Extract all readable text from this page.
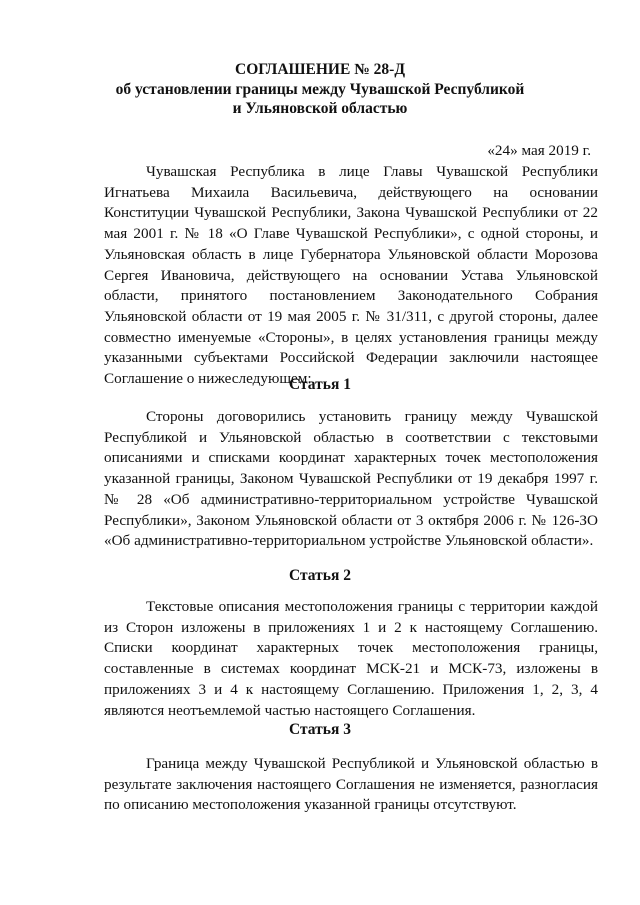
СОГЛАШЕНИЕ № 28-Д
об установлении границы между Чувашской Республикой
и Ульяновской областью
«24» мая 2019 г.

Чувашская Республика в лице Главы Чувашской Республики Игнатьева Михаила Васильевича, действующего на основании Конституции Чувашской Республики, Закона Чувашской Республики от 22 мая 2001 г. № 18 «О Главе Чувашской Республики», с одной стороны, и Ульяновская область в лице Губернатора Ульяновской области Морозова Сергея Ивановича, действующего на основании Устава Ульяновской области, принятого постановлением Законодательного Собрания Ульяновской области от 19 мая 2005 г. № 31/311, с другой стороны, далее совместно именуемые «Стороны», в целях установления границы между указанными субъектами Российской Федерации заключили настоящее Соглашение о нижеследующем:

Статья 1

Стороны договорились установить границу между Чувашской Республикой и Ульяновской областью в соответствии с текстовыми описаниями и списками координат характерных точек местоположения указанной границы, Законом Чувашской Республики от 19 декабря 1997 г. № 28 «Об административно-территориальном устройстве Чувашской Республики», Законом Ульяновской области от 3 октября 2006 г. № 126-ЗО «Об административно-территориальном устройстве Ульяновской области».

Статья 2

Текстовые описания местоположения границы с территории каждой из Сторон изложены в приложениях 1 и 2 к настоящему Соглашению. Списки координат характерных точек местоположения границы, составленные в системах координат МСК-21 и МСК-73, изложены в приложениях 3 и 4 к настоящему Соглашению. Приложения 1, 2, 3, 4 являются неотъемлемой частью настоящего Соглашения.

Статья 3

Граница между Чувашской Республикой и Ульяновской областью в результате заключения настоящего Соглашения не изменяется, разногласия по описанию местоположения указанной границы отсутствуют.
